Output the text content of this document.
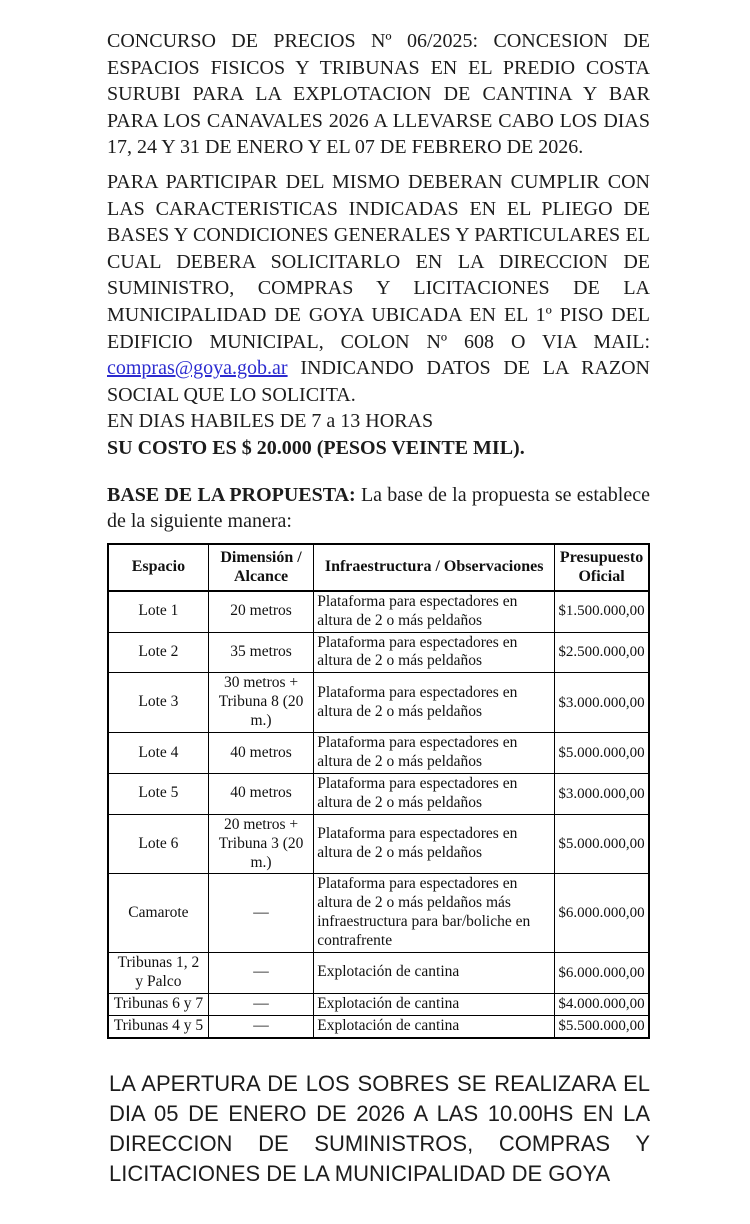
CONCURSO DE PRECIOS Nº 06/2025: CONCESION DE ESPACIOS FISICOS Y TRIBUNAS EN EL PREDIO COSTA SURUBI PARA LA EXPLOTACION DE CANTINA Y BAR PARA LOS CANAVALES 2026 A LLEVARSE CABO LOS DIAS 17, 24 Y 31 DE ENERO Y EL 07 DE FEBRERO DE 2026.

PARA PARTICIPAR DEL MISMO DEBERAN CUMPLIR CON LAS CARACTERISTICAS INDICADAS EN EL PLIEGO DE BASES Y CONDICIONES GENERALES Y PARTICULARES EL CUAL DEBERA SOLICITARLO EN LA DIRECCION DE SUMINISTRO, COMPRAS Y LICITACIONES DE LA MUNICIPALIDAD DE GOYA UBICADA EN EL 1º PISO DEL EDIFICIO MUNICIPAL, COLON Nº 608 O VIA MAIL: compras@goya.gob.ar INDICANDO DATOS DE LA RAZON SOCIAL QUE LO SOLICITA.
EN DIAS HABILES DE 7 a 13 HORAS
SU COSTO ES $ 20.000 (PESOS VEINTE MIL).

BASE DE LA PROPUESTA: La base de la propuesta se establece de la siguiente manera:

Espacio	Dimensión / Alcance	Infraestructura / Observaciones	Presupuesto Oficial
Lote 1	20 metros	Plataforma para espectadores en altura de 2 o más peldaños	$1.500.000,00
Lote 2	35 metros	Plataforma para espectadores en altura de 2 o más peldaños	$2.500.000,00
Lote 3	30 metros + Tribuna 8 (20 m.)	Plataforma para espectadores en altura de 2 o más peldaños	$3.000.000,00
Lote 4	40 metros	Plataforma para espectadores en altura de 2 o más peldaños	$5.000.000,00
Lote 5	40 metros	Plataforma para espectadores en altura de 2 o más peldaños	$3.000.000,00
Lote 6	20 metros + Tribuna 3 (20 m.)	Plataforma para espectadores en altura de 2 o más peldaños	$5.000.000,00
Camarote	—	Plataforma para espectadores en altura de 2 o más peldaños más infraestructura para bar/boliche en contrafrente	$6.000.000,00
Tribunas 1, 2 y Palco	—	Explotación de cantina	$6.000.000,00
Tribunas 6 y 7	—	Explotación de cantina	$4.000.000,00
Tribunas 4 y 5	—	Explotación de cantina	$5.500.000,00

LA APERTURA DE LOS SOBRES SE REALIZARA EL DIA 05 DE ENERO DE 2026 A LAS 10.00HS EN LA DIRECCION DE SUMINISTROS, COMPRAS Y LICITACIONES DE LA MUNICIPALIDAD DE GOYA
